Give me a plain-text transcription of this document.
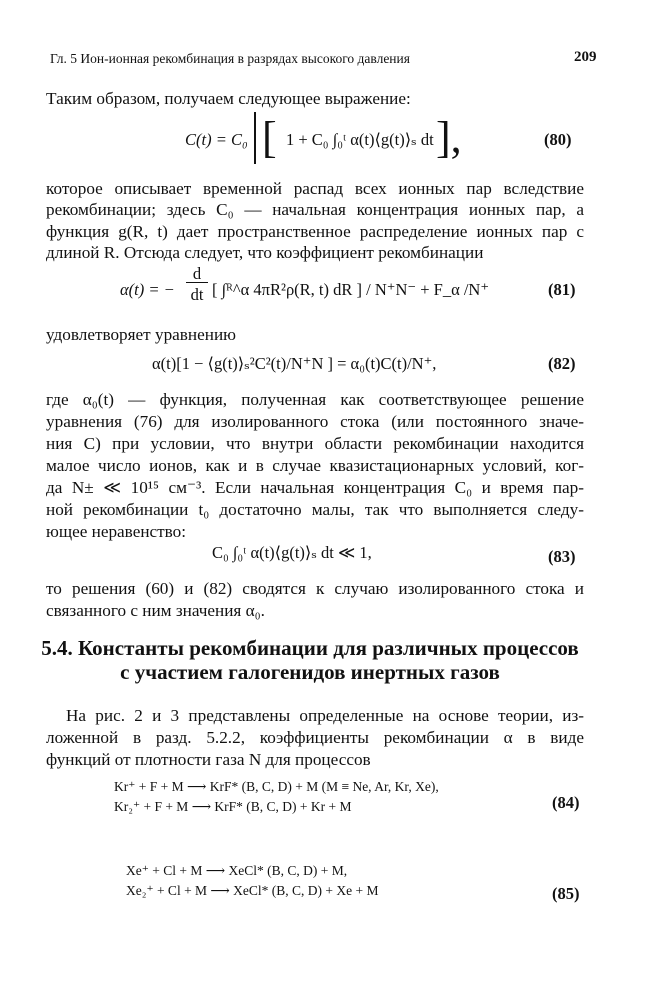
Гл. 5 Ион-ионная рекомбинация в разрядах высокого давления	209
Таким образом, получаем следующее выражение:
C(t) = C₀ [ 1 + C₀ ∫₀ᵗ α(t)⟨g(t)⟩ₛ dt ],	(80)
которое описывает временной распад всех ионных пар вследствие
рекомбинации; здесь C₀ — начальная концентрация ионных пар, а
функция g(R, t) дает пространственное распределение ионных пар с
длиной R. Отсюда следует, что коэффициент рекомбинации
α(t) = −
d
dt [ ∫ᴿ^α 4πR²ρ(R, t) dR ] / N⁺N⁻ + F_α /N⁺	(81)
удовлетворяет уравнению
α(t)[1 − ⟨g(t)⟩ₛ²C²(t)/N⁺N ] = α₀(t)C(t)/N⁺,	(82)
где α₀(t) — функция, полученная как соответствующее решение
уравнения (76) для изолированного стока (или постоянного значе-
ния C) при условии, что внутри области рекомбинации находится
малое число ионов, как и в случае квазистационарных условий, ког-
да N± ≪ 10¹⁵ см⁻³. Если начальная концентрация C₀ и время пар-
ной рекомбинации t₀ достаточно малы, так что выполняется следу-
ющее неравенство:
C₀ ∫₀ᵗ α(t)⟨g(t)⟩ₛ dt ≪ 1,	(83)
то решения (60) и (82) сводятся к случаю изолированного стока и
связанного с ним значения α₀.
5.4. Константы рекомбинации для различных процессов
с участием галогенидов инертных газов
На рис. 2 и 3 представлены определенные на основе теории, из-
ложенной в разд. 5.2.2, коэффициенты рекомбинации α в виде
функций от плотности газа N для процессов
Kr⁺ + F + M ⟶ KrF* (B, C, D) + M (M ≡ Ne, Ar, Kr, Xe),
Kr₂⁺ + F + M ⟶ KrF* (B, C, D) + Kr + M	(84)
Xe⁺ + Cl + M ⟶ XeCl* (B, C, D) + M,
Xe₂⁺ + Cl + M ⟶ XeCl* (B, C, D) + Xe + M	(85)
